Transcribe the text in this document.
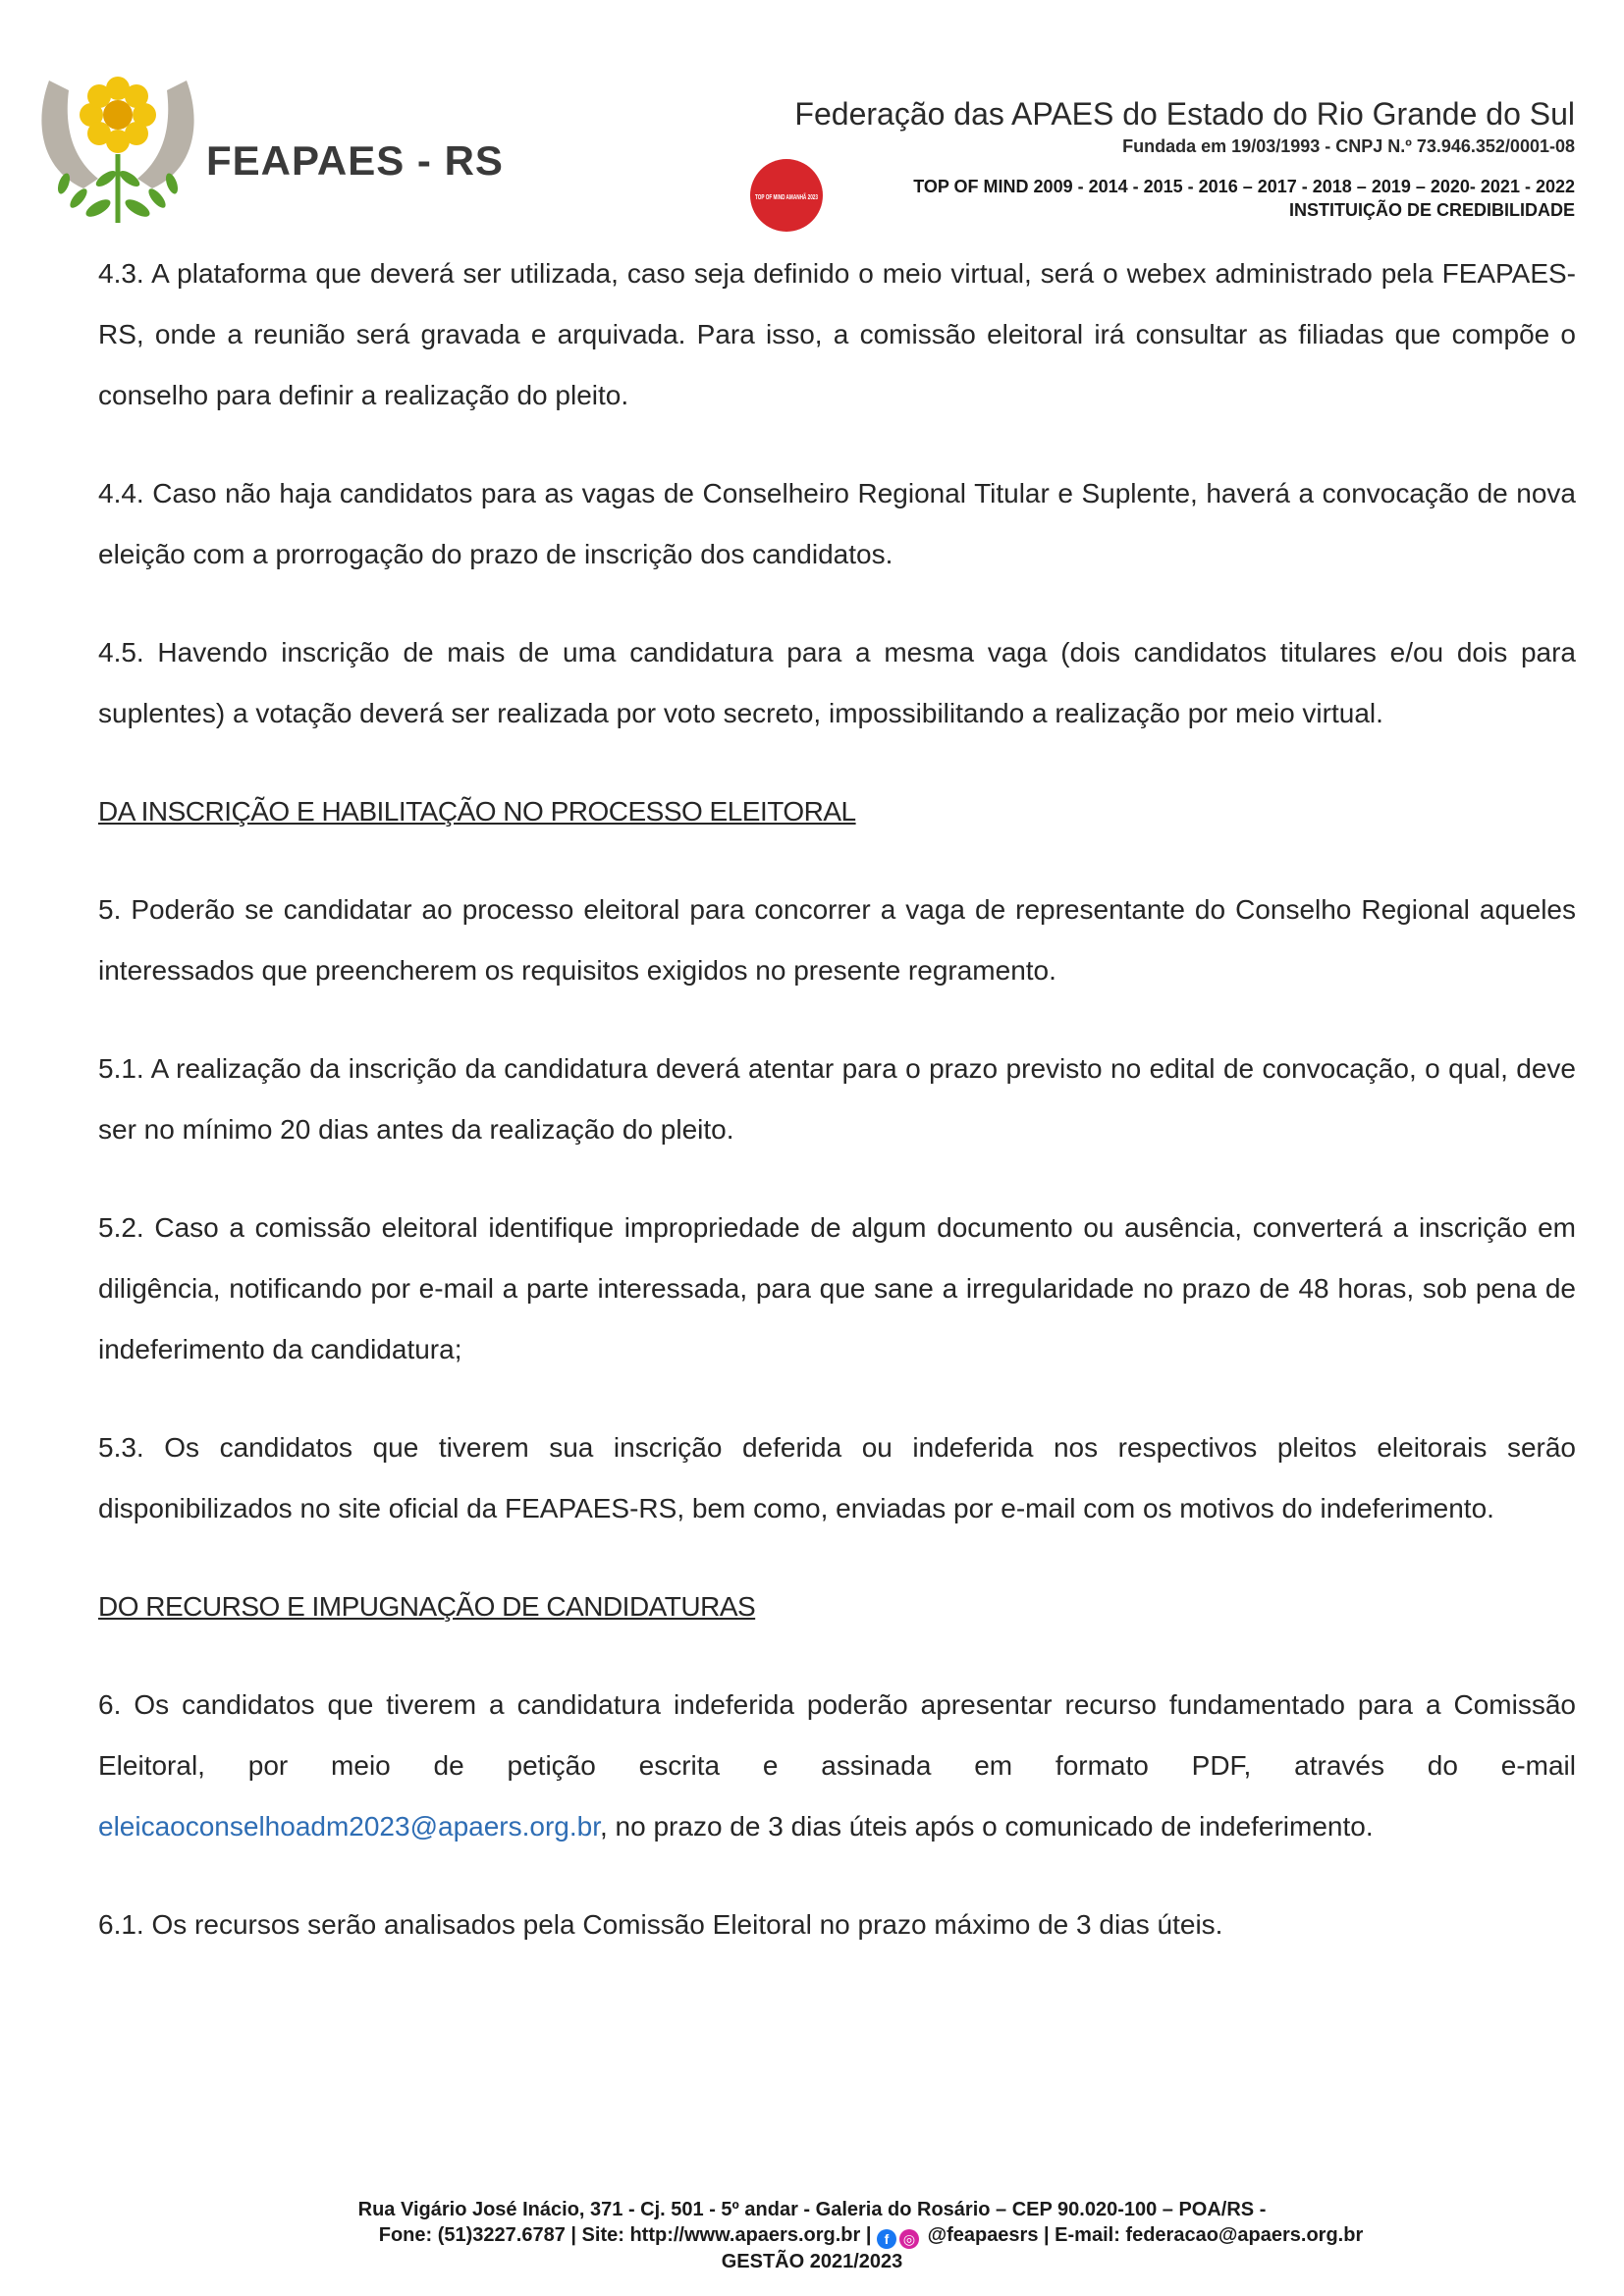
FEAPAES - RS
Federação das APAES do Estado do Rio Grande do Sul
Fundada em 19/03/1993 - CNPJ N.º 73.946.352/0001-08
TOP OF MIND AMANHÃ 2023
TOP OF MIND 2009 - 2014 - 2015 - 2016 – 2017 - 2018 – 2019 – 2020- 2021 - 2022
INSTITUIÇÃO DE CREDIBILIDADE

4.3. A plataforma que deverá ser utilizada, caso seja definido o meio virtual, será o webex administrado pela FEAPAES-RS, onde a reunião será gravada e arquivada. Para isso, a comissão eleitoral irá consultar as filiadas que compõe o conselho para definir a realização do pleito.

4.4. Caso não haja candidatos para as vagas de Conselheiro Regional Titular e Suplente, haverá a convocação de nova eleição com a prorrogação do prazo de inscrição dos candidatos.

4.5. Havendo inscrição de mais de uma candidatura para a mesma vaga (dois candidatos titulares e/ou dois para suplentes) a votação deverá ser realizada por voto secreto, impossibilitando a realização por meio virtual.

DA INSCRIÇÃO E HABILITAÇÃO NO PROCESSO ELEITORAL

5. Poderão se candidatar ao processo eleitoral para concorrer a vaga de representante do Conselho Regional aqueles interessados que preencherem os requisitos exigidos no presente regramento.

5.1. A realização da inscrição da candidatura deverá atentar para o prazo previsto no edital de convocação, o qual, deve ser no mínimo 20 dias antes da realização do pleito.

5.2. Caso a comissão eleitoral identifique impropriedade de algum documento ou ausência, converterá a inscrição em diligência, notificando por e-mail a parte interessada, para que sane a irregularidade no prazo de 48 horas, sob pena de indeferimento da candidatura;

5.3. Os candidatos que tiverem sua inscrição deferida ou indeferida nos respectivos pleitos eleitorais serão disponibilizados no site oficial da FEAPAES-RS, bem como, enviadas por e-mail com os motivos do indeferimento.

DO RECURSO E IMPUGNAÇÃO DE CANDIDATURAS

6. Os candidatos que tiverem a candidatura indeferida poderão apresentar recurso fundamentado para a Comissão Eleitoral, por meio de petição escrita e assinada em formato PDF, através do e-mail eleicaoconselhoadm2023@apaers.org.br, no prazo de 3 dias úteis após o comunicado de indeferimento.

6.1. Os recursos serão analisados pela Comissão Eleitoral no prazo máximo de 3 dias úteis.

Rua Vigário José Inácio, 371 - Cj. 501 - 5º andar - Galeria do Rosário – CEP 90.020-100 – POA/RS -
Fone: (51)3227.6787 | Site: http://www.apaers.org.br | f ◎ @feapaesrs | E-mail: federacao@apaers.org.br
GESTÃO 2021/2023
